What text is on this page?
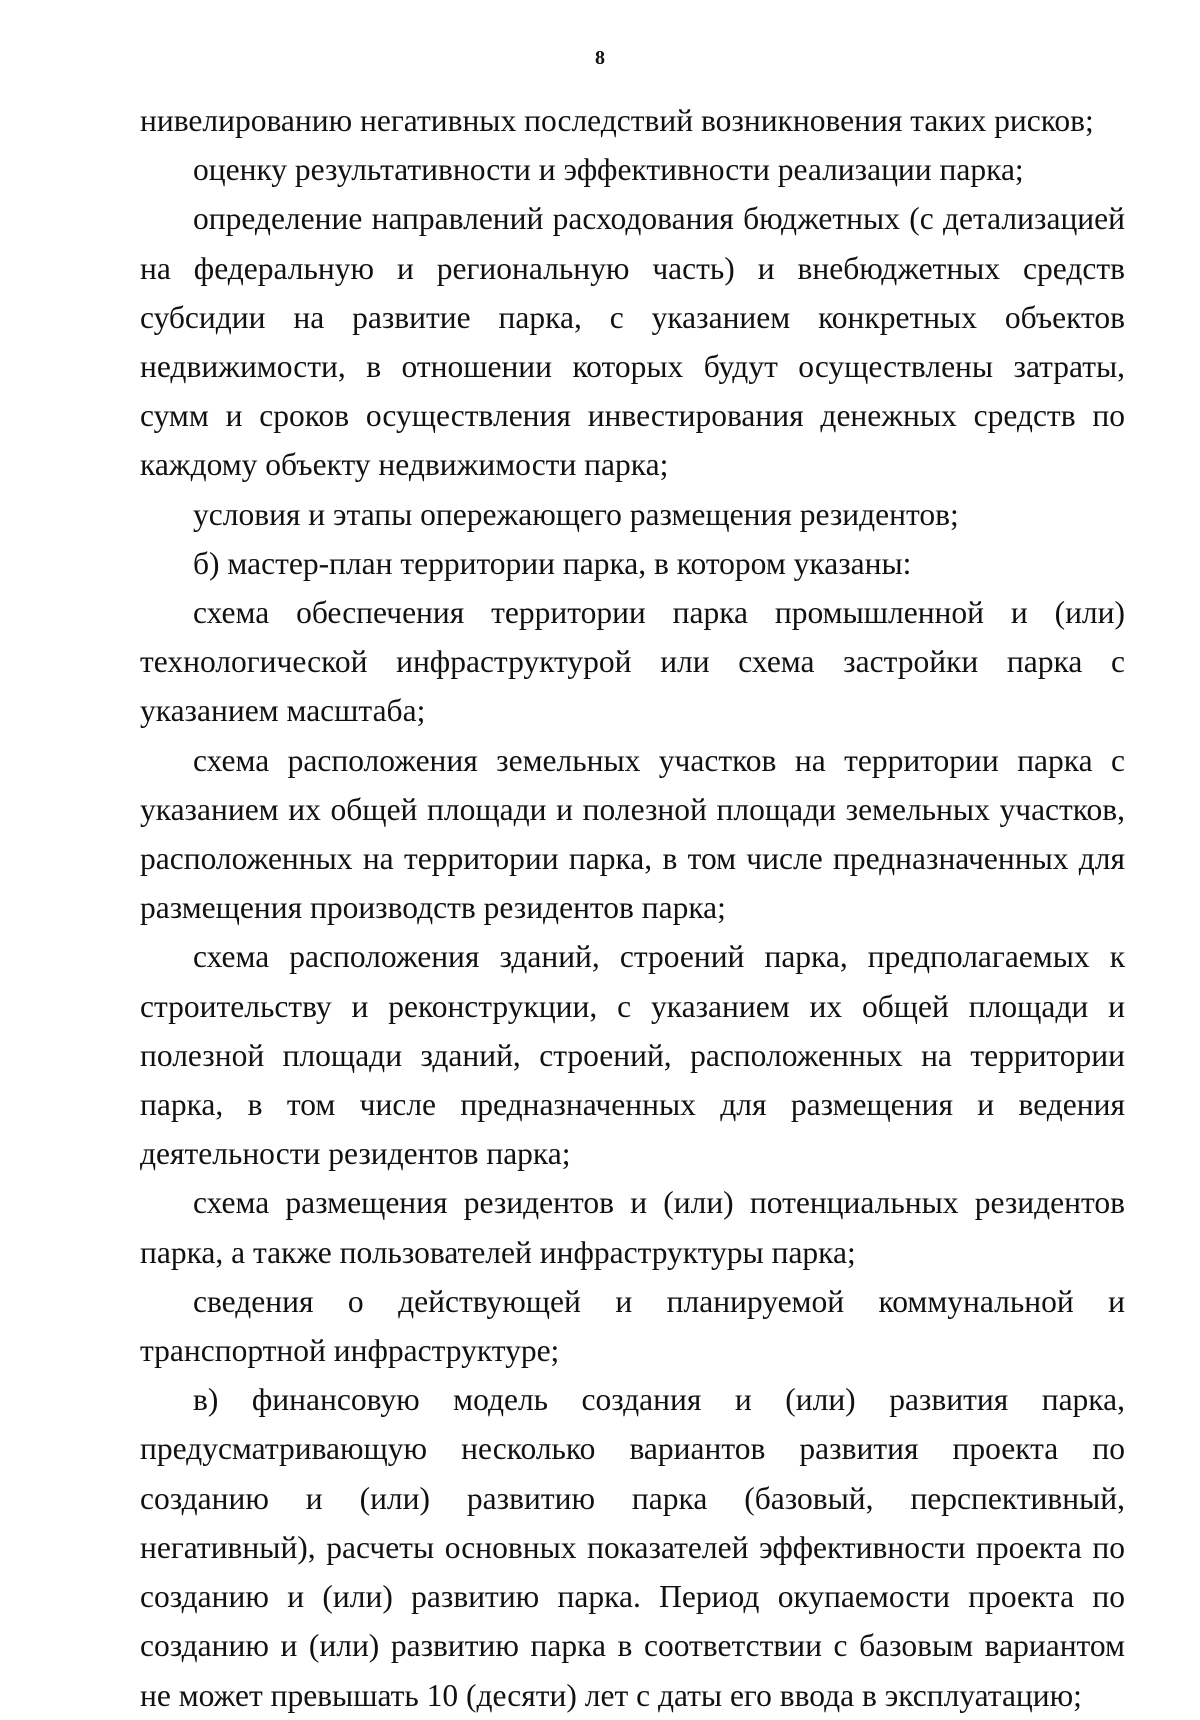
8

нивелированию негативных последствий возникновения таких рисков;

оценку результативности и эффективности реализации парка;

определение направлений расходования бюджетных (с детализацией на федеральную и региональную часть) и внебюджетных средств субсидии на развитие парка, с указанием конкретных объектов недвижимости, в отношении которых будут осуществлены затраты, сумм и сроков осуществления инвестирования денежных средств по каждому объекту недвижимости парка;

условия и этапы опережающего размещения резидентов;

б) мастер-план территории парка, в котором указаны:

схема обеспечения территории парка промышленной и (или) технологической инфраструктурой или схема застройки парка с указанием масштаба;

схема расположения земельных участков на территории парка с указанием их общей площади и полезной площади земельных участков, расположенных на территории парка, в том числе предназначенных для размещения производств резидентов парка;

схема расположения зданий, строений парка, предполагаемых к строительству и реконструкции, с указанием их общей площади и полезной площади зданий, строений, расположенных на территории парка, в том числе предназначенных для размещения и ведения деятельности резидентов парка;

схема размещения резидентов и (или) потенциальных резидентов парка, а также пользователей инфраструктуры парка;

сведения о действующей и планируемой коммунальной и транспортной инфраструктуре;

в) финансовую модель создания и (или) развития парка, предусматривающую несколько вариантов развития проекта по созданию и (или) развитию парка (базовый, перспективный, негативный), расчеты основных показателей эффективности проекта по созданию и (или) развитию парка. Период окупаемости проекта по созданию и (или) развитию парка в соответствии с базовым вариантом не может превышать 10 (десяти) лет с даты его ввода в эксплуатацию;
